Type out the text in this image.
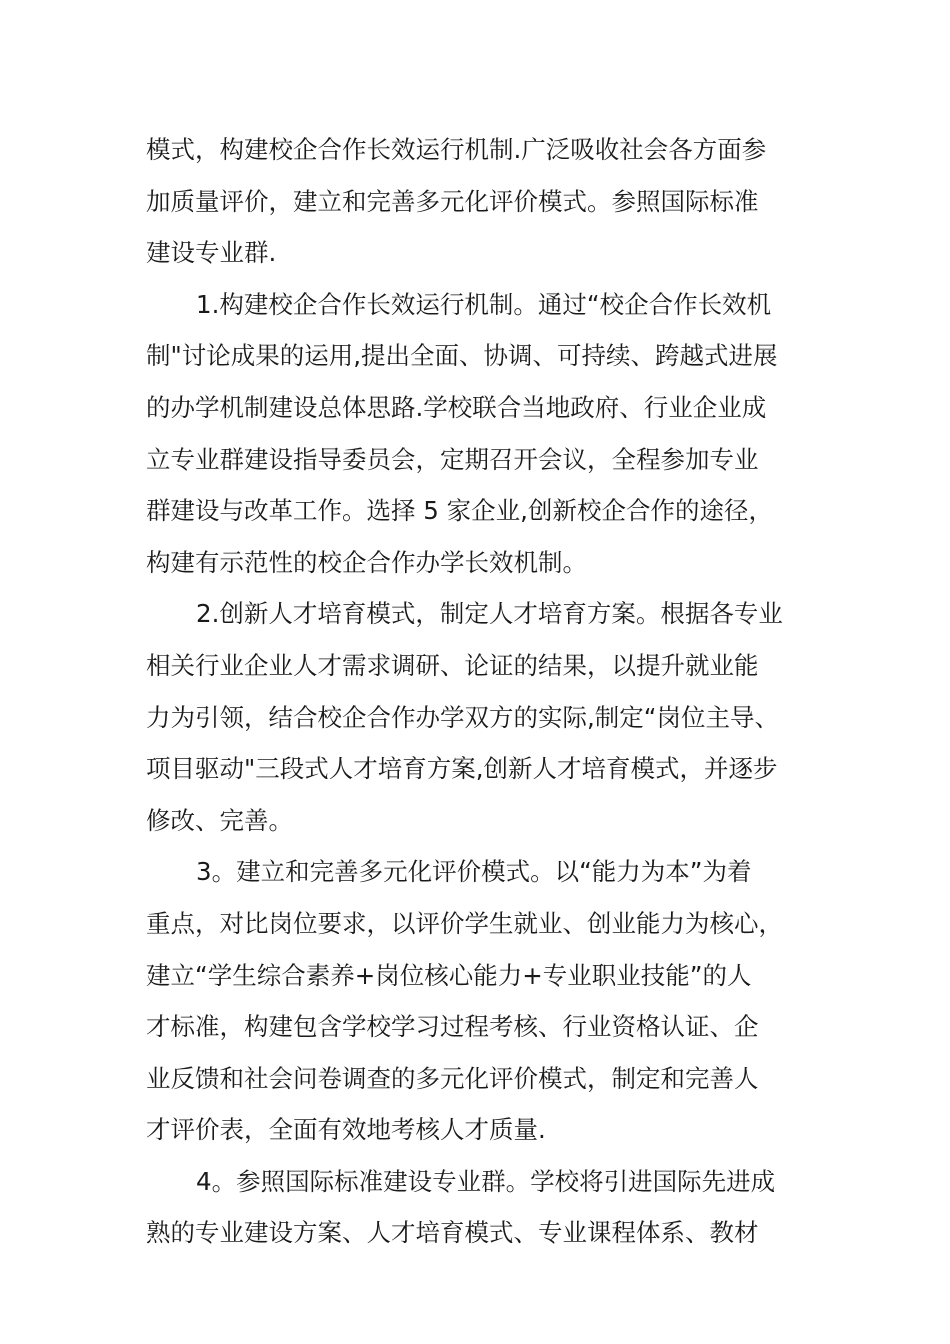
模式，构建校企合作长效运行机制.广泛吸收社会各方面参
加质量评价，建立和完善多元化评价模式。参照国际标准
建设专业群.
1.构建校企合作长效运行机制。通过“校企合作长效机
制"讨论成果的运用,提出全面、协调、可持续、跨越式进展
的办学机制建设总体思路.学校联合当地政府、行业企业成
立专业群建设指导委员会，定期召开会议，全程参加专业
群建设与改革工作。选择 5 家企业,创新校企合作的途径，
构建有示范性的校企合作办学长效机制。
2.创新人才培育模式，制定人才培育方案。根据各专业
相关行业企业人才需求调研、论证的结果，以提升就业能
力为引领，结合校企合作办学双方的实际,制定“岗位主导、
项目驱动"三段式人才培育方案,创新人才培育模式，并逐步
修改、完善。
3。建立和完善多元化评价模式。以“能力为本”为着
重点，对比岗位要求，以评价学生就业、创业能力为核心，
建立“学生综合素养+岗位核心能力+专业职业技能”的人
才标准，构建包含学校学习过程考核、行业资格认证、企
业反馈和社会问卷调查的多元化评价模式，制定和完善人
才评价表，全面有效地考核人才质量.
4。参照国际标准建设专业群。学校将引进国际先进成
熟的专业建设方案、人才培育模式、专业课程体系、教材
